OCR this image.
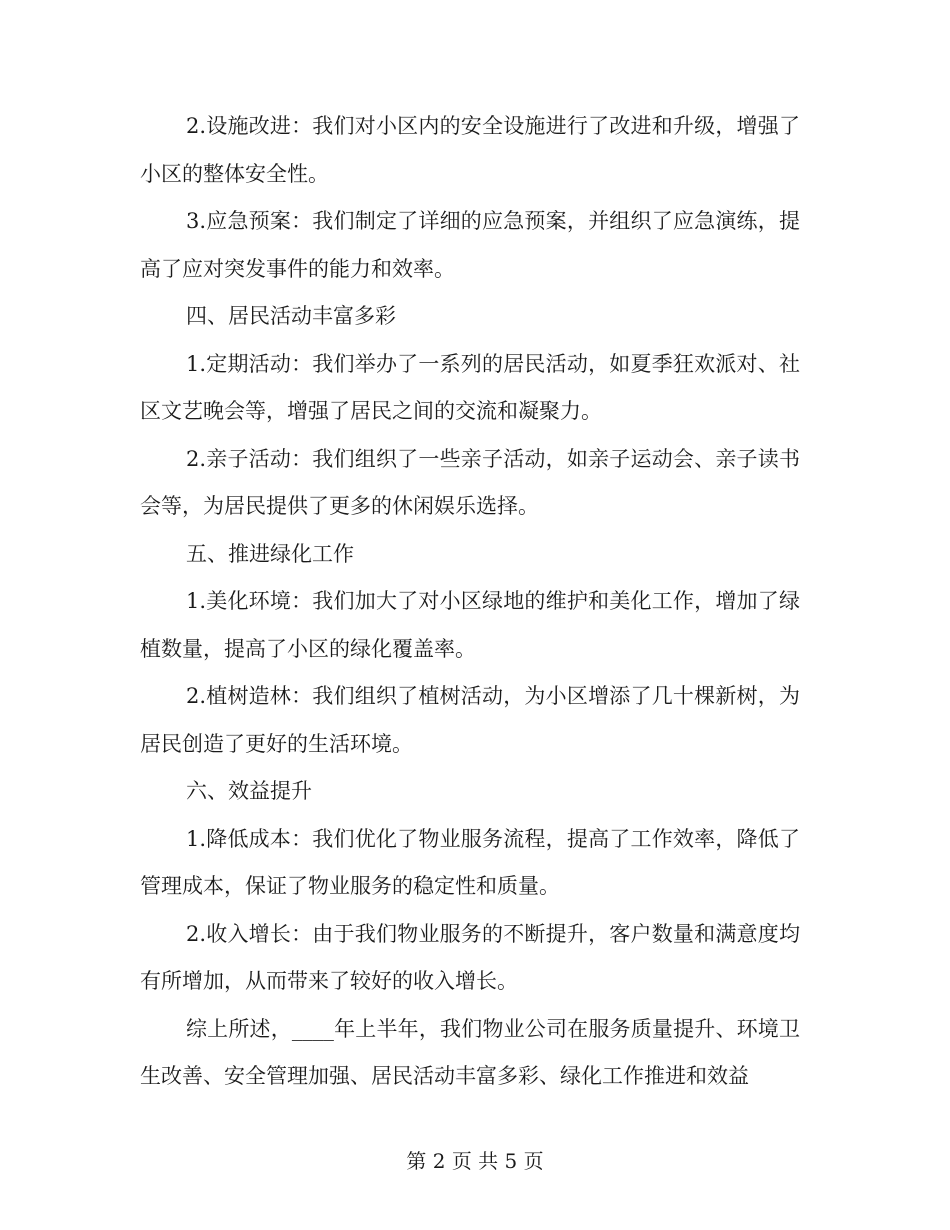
2.设施改进：我们对小区内的安全设施进行了改进和升级，增强了小区的整体安全性。

3.应急预案：我们制定了详细的应急预案，并组织了应急演练，提高了应对突发事件的能力和效率。

四、居民活动丰富多彩

1.定期活动：我们举办了一系列的居民活动，如夏季狂欢派对、社区文艺晚会等，增强了居民之间的交流和凝聚力。

2.亲子活动：我们组织了一些亲子活动，如亲子运动会、亲子读书会等，为居民提供了更多的休闲娱乐选择。

五、推进绿化工作

1.美化环境：我们加大了对小区绿地的维护和美化工作，增加了绿植数量，提高了小区的绿化覆盖率。

2.植树造林：我们组织了植树活动，为小区增添了几十棵新树，为居民创造了更好的生活环境。

六、效益提升

1.降低成本：我们优化了物业服务流程，提高了工作效率，降低了管理成本，保证了物业服务的稳定性和质量。

2.收入增长：由于我们物业服务的不断提升，客户数量和满意度均有所增加，从而带来了较好的收入增长。

综上所述，____年上半年，我们物业公司在服务质量提升、环境卫生改善、安全管理加强、居民活动丰富多彩、绿化工作推进和效益

第 2 页 共 5 页
